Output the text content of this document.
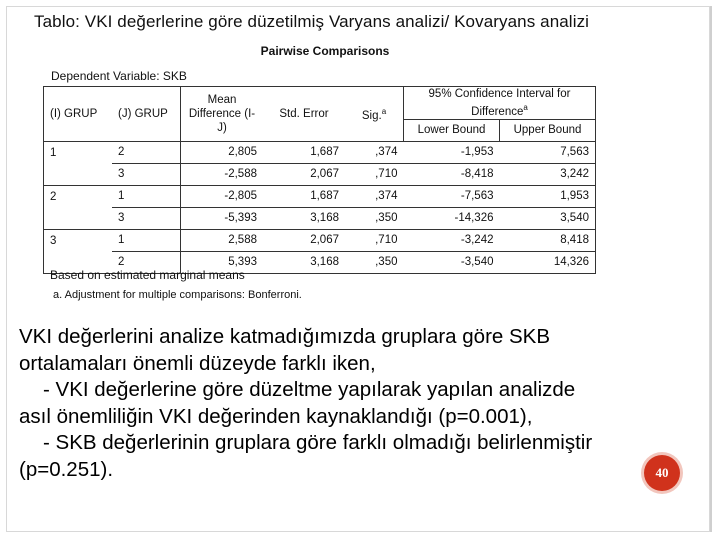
Tablo: VKI değerlerine göre düzetilmiş Varyans analizi/ Kovaryans analizi
Pairwise Comparisons
Dependent Variable: SKB
(I) GRUP	(J) GRUP	Mean Difference (I-J)	Std. Error	Sig.$^a$	95% Confidence Interval for Difference$^a$
					Lower Bound	Upper Bound
1	2	2,805	1,687	,374	-1,953	7,563
	3	-2,588	2,067	,710	-8,418	3,242
2	1	-2,805	1,687	,374	-7,563	1,953
	3	-5,393	3,168	,350	-14,326	3,540
3	1	2,588	2,067	,710	-3,242	8,418
	2	5,393	3,168	,350	-3,540	14,326
Based on estimated marginal means
a. Adjustment for multiple comparisons: Bonferroni.
VKI değerlerini analize katmadığımızda gruplara göre SKB
ortalamaları önemli düzeyde farklı iken,
- VKI değerlerine göre düzeltme yapılarak yapılan analizde
asıl önemliliğin VKI değerinden kaynaklandığı (p=0.001),
- SKB değerlerinin gruplara göre farklı olmadığı belirlenmiştir
(p=0.251).	40
